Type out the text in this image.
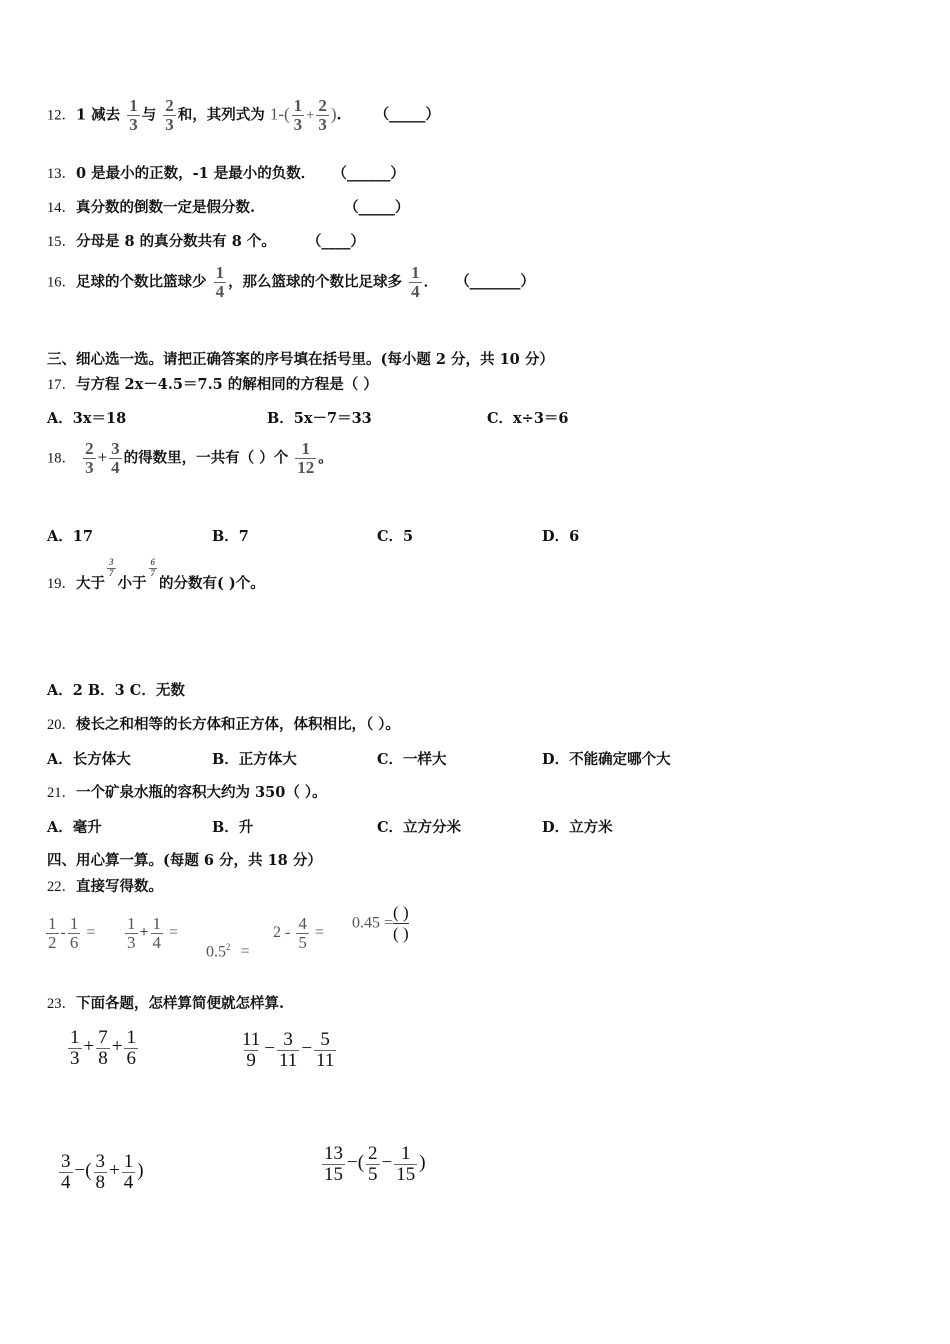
12．1 减去 $\frac{1}{3}$ 与 $\frac{2}{3}$ 和，其列式为 $1-( \frac{1}{3} + \frac{2}{3}$ ). （_____）
13．0 是最小的正数，-1 是最小的负数． （______）
14．真分数的倒数一定是假分数.	（_____）
15．分母是 8 的真分数共有 8 个。 （____）
16．足球的个数比篮球少 $\frac{1}{4}$ ，那么篮球的个数比足球多 $\frac{1}{4}$ ． （_______）
三、细心选一选。请把正确答案的序号填在括号里。(每小题 2 分，共 10 分）
17．与方程 2x－4.5＝7.5 的解相同的方程是（ ）
A．3x＝18	B．5x－7＝33	C．x÷3＝6
18． $\frac{2}{3} + \frac{3}{4}$ 的得数里，一共有（ ）个 $\frac{1}{12}$ 。
A．17	B．7	C．5	D．6
19．大于
$\frac{3}{7}$
小于
$\frac{6}{7}$
的分数有( )个。
A．2 B．3 C．无数
20．棱长之和相等的长方体和正方体，体积相比，（ ）。
A．长方体大	B．正方体大	C．一样大	D．不能确定哪个大
21．一个矿泉水瓶的容积大约为 350（ ）。
A．毫升	B．升	C．立方分米	D．立方米
四、用心算一算。(每题 6 分，共 18 分）
22．直接写得数。
$\frac{1}{2} - \frac{1}{6} = \frac{1}{3} + \frac{1}{4}$ =
$0.5^2$ =
$2 - \frac{4}{5}$ =
$0.45 = \frac{( )}{( )}$
23．下面各题，怎样算简便就怎样算.
$\frac{1}{3} + \frac{7}{8} + \frac{1}{6}$	$\frac{11}{9} - \frac{3}{11} - \frac{5}{11}$
$\frac{3}{4}$ −( $\frac{3}{8} + \frac{1}{4}$ )	$\frac{13}{15}$ −( $\frac{2}{5} - \frac{1}{15}$ )
